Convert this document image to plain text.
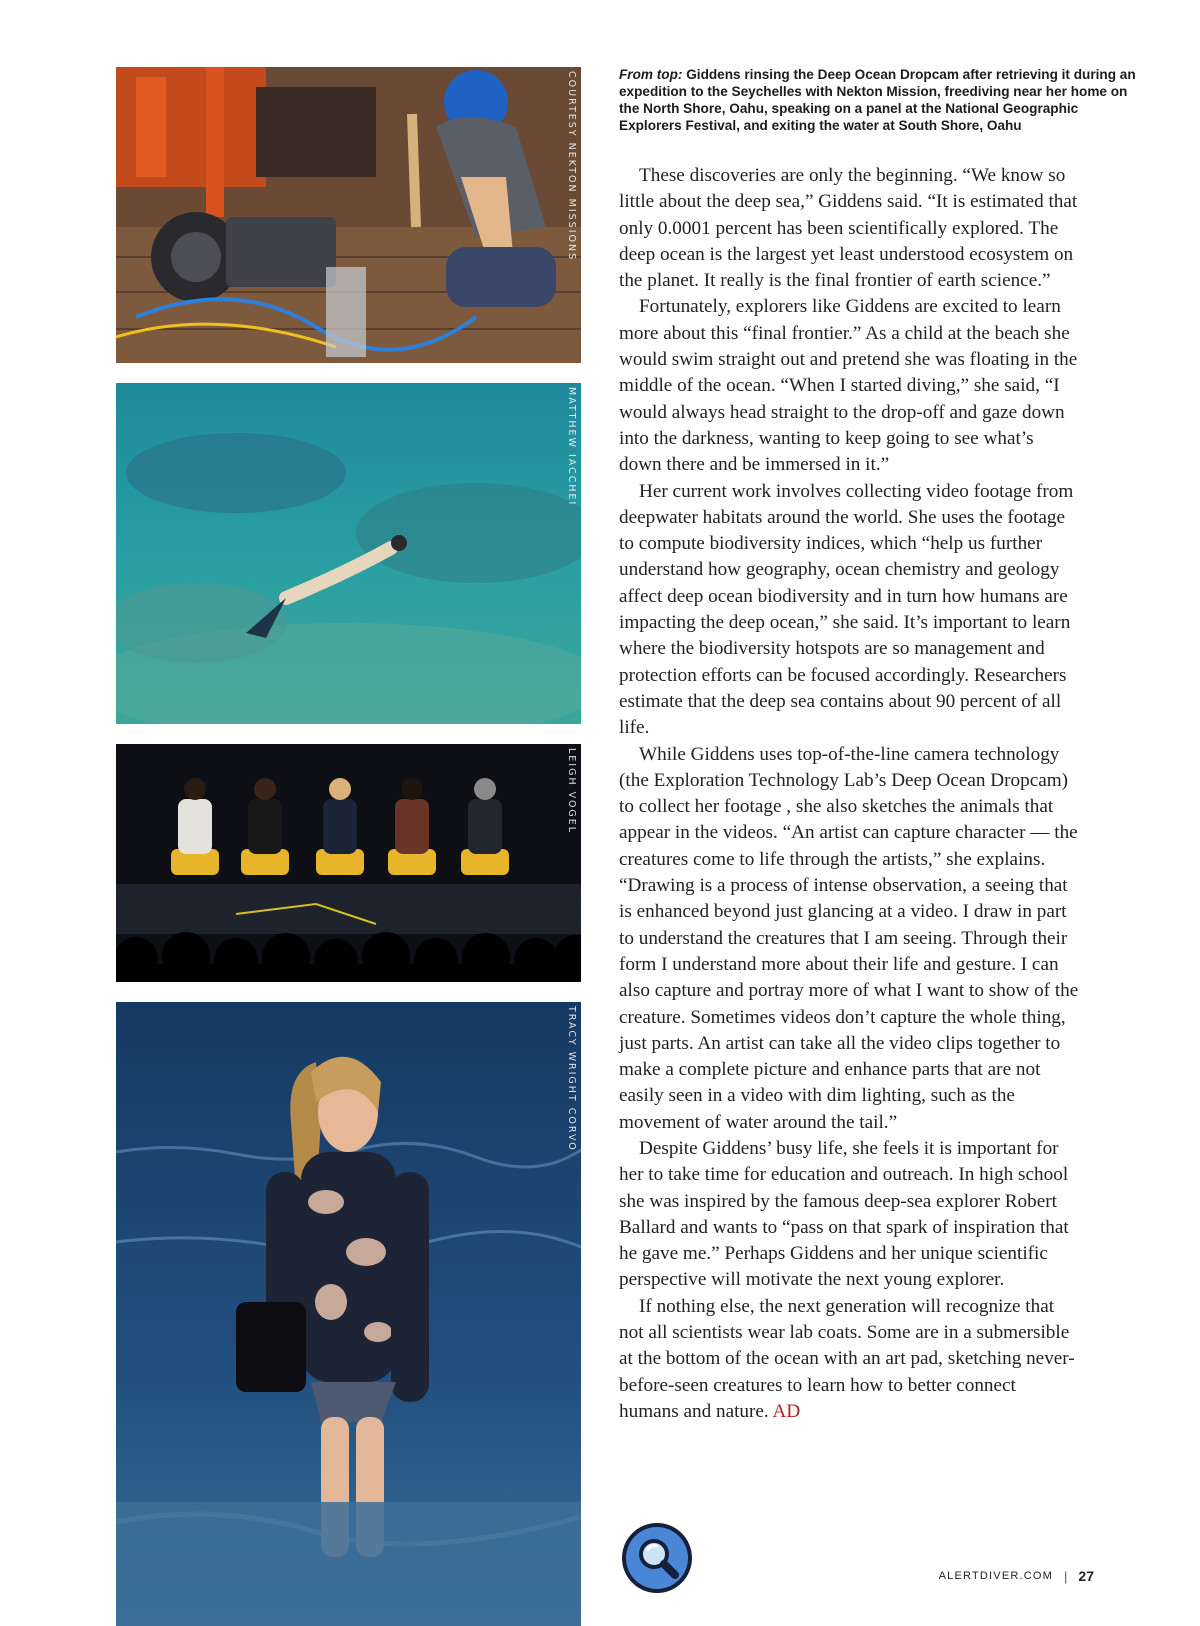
COURTESY NEKTON MISSIONS
MATTHEW IACCHEI
LEIGH VOGEL
TRACY WRIGHT CORVO
From top: Giddens rinsing the Deep Ocean Dropcam after retrieving it during an expedition to the Seychelles with Nekton Mission, freediving near her home on the North Shore, Oahu, speaking on a panel at the National Geographic Explorers Festival, and exiting the water at South Shore, Oahu

These discoveries are only the beginning. “We know so little about the deep sea,” Giddens said. “It is estimated that only 0.0001 percent has been scientifically explored. The deep ocean is the largest yet least understood ecosystem on the planet. It really is the final frontier of earth science.”

Fortunately, explorers like Giddens are excited to learn more about this “final frontier.” As a child at the beach she would swim straight out and pretend she was floating in the middle of the ocean. “When I started diving,” she said, “I would always head straight to the drop-off and gaze down into the darkness, wanting to keep going to see what’s down there and be immersed in it.”

Her current work involves collecting video footage from deepwater habitats around the world. She uses the footage to compute biodiversity indices, which “help us further understand how geography, ocean chemistry and geology affect deep ocean biodiversity and in turn how humans are impacting the deep ocean,” she said. It’s important to learn where the biodiversity hotspots are so management and protection efforts can be focused accordingly. Researchers estimate that the deep sea contains about 90 percent of all life.

While Giddens uses top-of-the-line camera technology (the Exploration Technology Lab’s Deep Ocean Dropcam) to collect her footage , she also sketches the animals that appear in the videos. “An artist can capture character — the creatures come to life through the artists,” she explains. “Drawing is a process of intense observation, a seeing that is enhanced beyond just glancing at a video. I draw in part to understand the creatures that I am seeing. Through their form I understand more about their life and gesture. I can also capture and portray more of what I want to show of the creature. Sometimes videos don’t capture the whole thing, just parts. An artist can take all the video clips together to make a complete picture and enhance parts that are not easily seen in a video with dim lighting, such as the movement of water around the tail.”

Despite Giddens’ busy life, she feels it is important for her to take time for education and outreach. In high school she was inspired by the famous deep-sea explorer Robert Ballard and wants to “pass on that spark of inspiration that he gave me.” Perhaps Giddens and her unique scientific perspective will motivate the next young explorer.

If nothing else, the next generation will recognize that not all scientists wear lab coats. Some are in a submersible at the bottom of the ocean with an art pad, sketching never-before-seen creatures to learn how to better connect humans and nature. AD

ALERTDIVER.COM | 27
